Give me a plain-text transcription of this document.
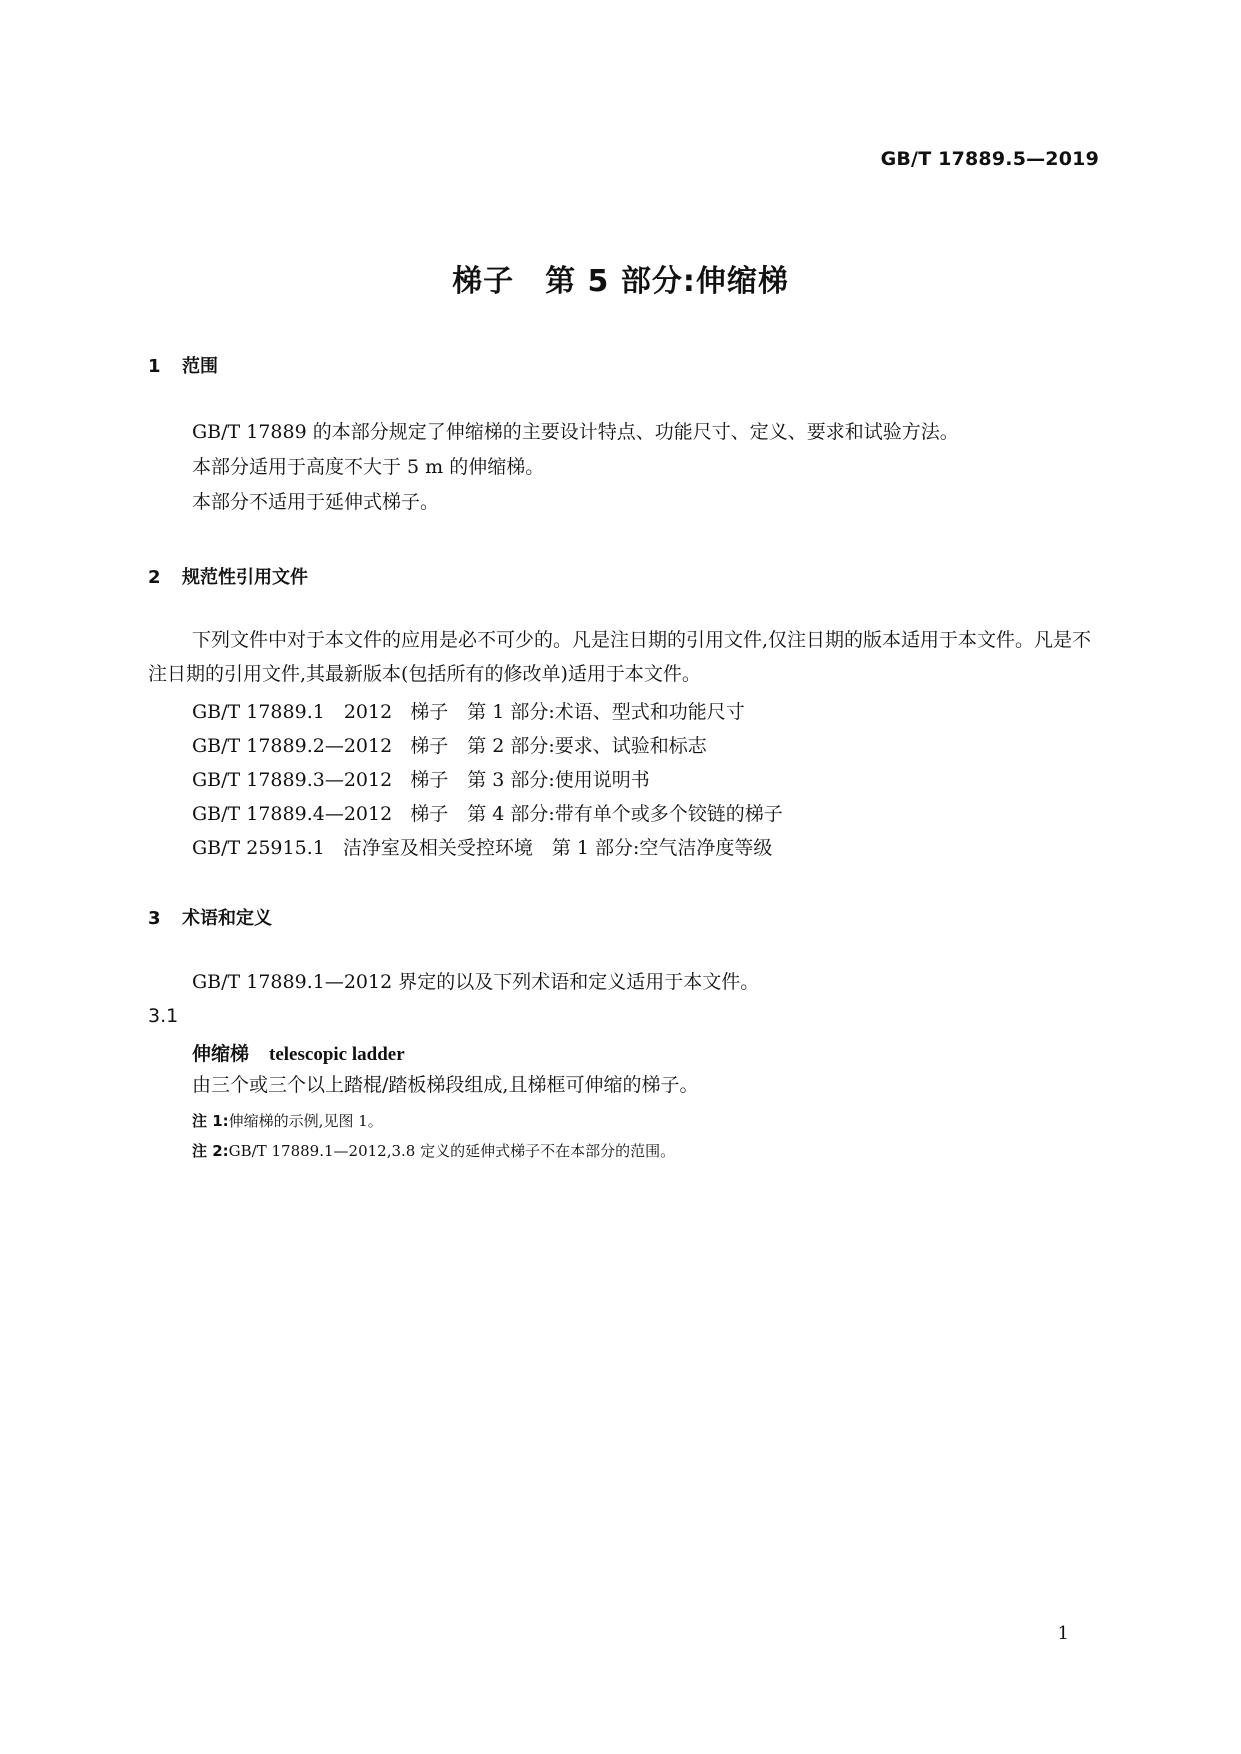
GB/T 17889.5—2019
梯子　第 5 部分:伸缩梯
1 范围
GB/T 17889 的本部分规定了伸缩梯的主要设计特点、功能尺寸、定义、要求和试验方法。
本部分适用于高度不大于 5 m 的伸缩梯。
本部分不适用于延伸式梯子。
2 规范性引用文件
下列文件中对于本文件的应用是必不可少的。凡是注日期的引用文件,仅注日期的版本适用于本文件。凡是不注日期的引用文件,其最新版本(包括所有的修改单)适用于本文件。
GB/T 17889.1　2012 梯子　第 1 部分:术语、型式和功能尺寸
GB/T 17889.2—2012 梯子　第 2 部分:要求、试验和标志
GB/T 17889.3—2012 梯子　第 3 部分:使用说明书
GB/T 17889.4—2012 梯子　第 4 部分:带有单个或多个铰链的梯子
GB/T 25915.1 洁净室及相关受控环境　第 1 部分:空气洁净度等级
3 术语和定义
GB/T 17889.1—2012 界定的以及下列术语和定义适用于本文件。
3.1
伸缩梯 telescopic ladder
由三个或三个以上踏棍/踏板梯段组成,且梯框可伸缩的梯子。
注 1:伸缩梯的示例,见图 1。
注 2:GB/T 17889.1—2012,3.8 定义的延伸式梯子不在本部分的范围。
1
